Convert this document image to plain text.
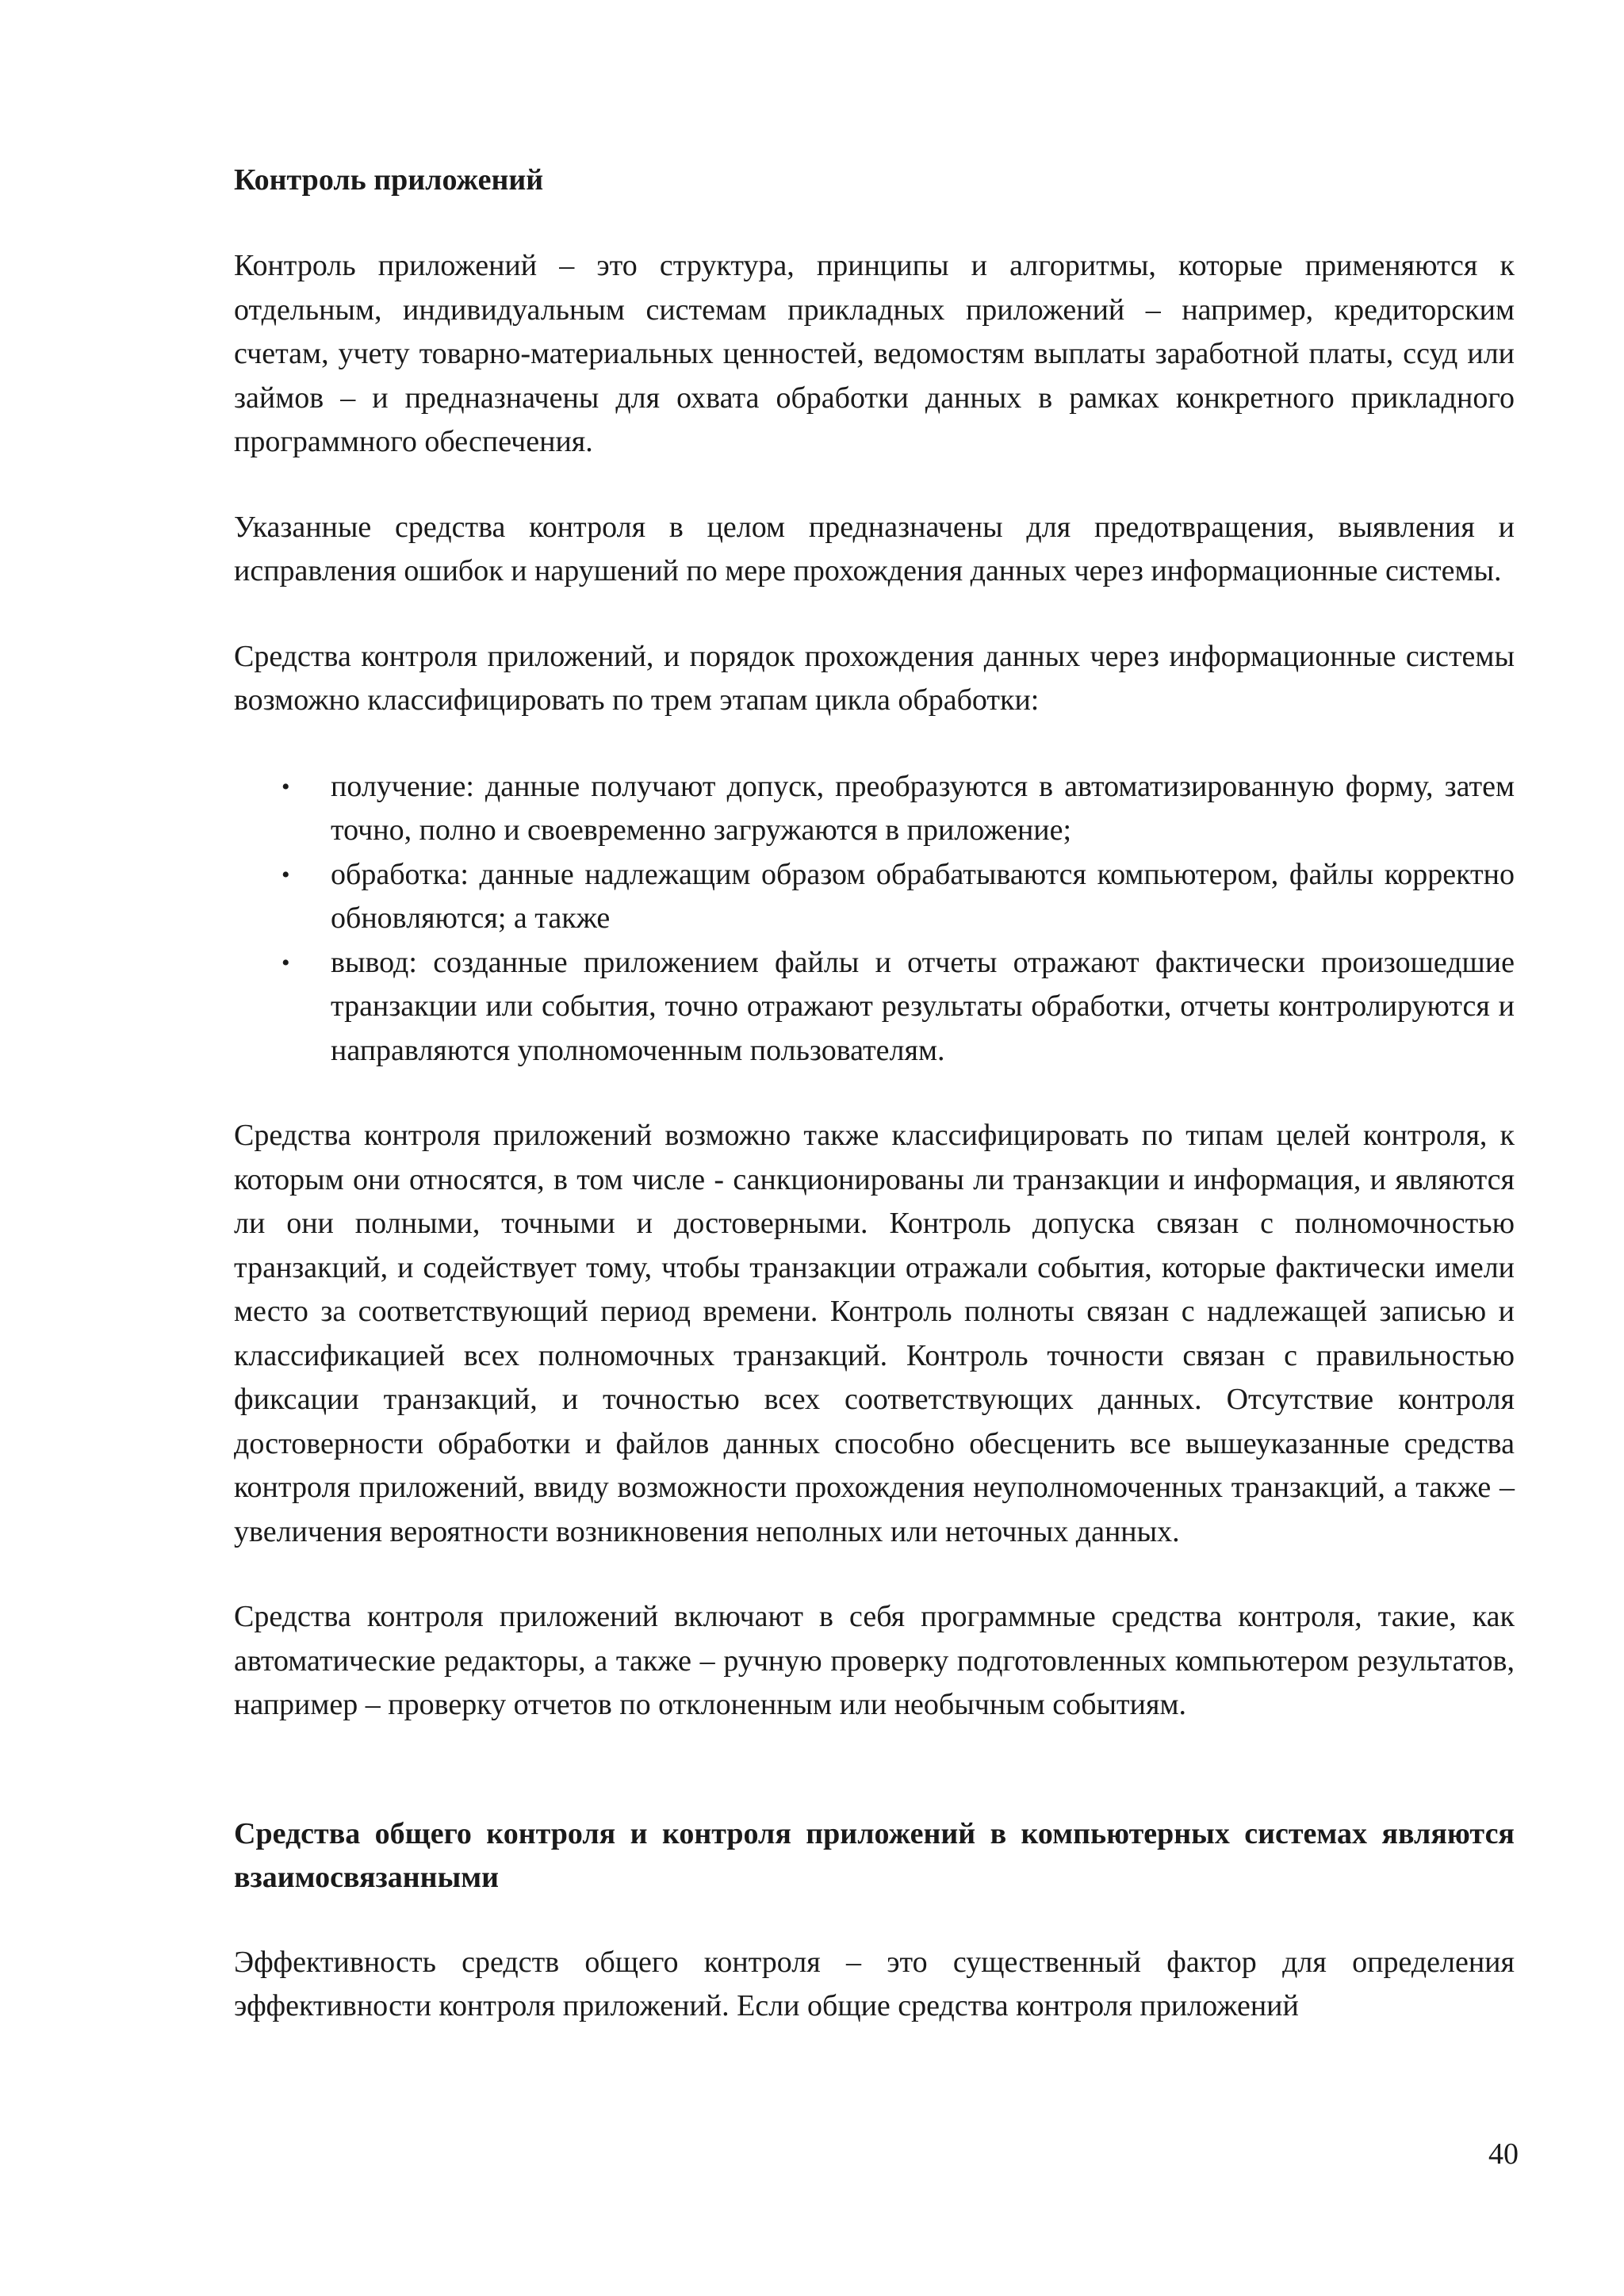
Контроль приложений

Контроль приложений – это структура, принципы и алгоритмы, которые применяются к отдельным, индивидуальным системам прикладных приложений – например, кредиторским счетам, учету товарно-материальных ценностей, ведомостям выплаты заработной платы, ссуд или займов – и предназначены для охвата обработки данных в рамках конкретного прикладного программного обеспечения.

Указанные средства контроля в целом предназначены для предотвращения, выявления и исправления ошибок и нарушений по мере прохождения данных через информационные системы.

Средства контроля приложений, и порядок прохождения данных через информационные системы возможно классифицировать по трем этапам цикла обработки:

• получение: данные получают допуск, преобразуются в автоматизированную форму, затем точно, полно и своевременно загружаются в приложение;
• обработка: данные надлежащим образом обрабатываются компьютером, файлы корректно обновляются; а также
• вывод: созданные приложением файлы и отчеты отражают фактически произошедшие транзакции или события, точно отражают результаты обработки, отчеты контролируются и направляются уполномоченным пользователям.

Средства контроля приложений возможно также классифицировать по типам целей контроля, к которым они относятся, в том числе - санкционированы ли транзакции и информация, и являются ли они полными, точными и достоверными. Контроль допуска связан с полномочностью транзакций, и содействует тому, чтобы транзакции отражали события, которые фактически имели место за соответствующий период времени. Контроль полноты связан с надлежащей записью и классификацией всех полномочных транзакций. Контроль точности связан с правильностью фиксации транзакций, и точностью всех соответствующих данных. Отсутствие контроля достоверности обработки и файлов данных способно обесценить все вышеуказанные средства контроля приложений, ввиду возможности прохождения неуполномоченных транзакций, а также – увеличения вероятности возникновения неполных или неточных данных.

Средства контроля приложений включают в себя программные средства контроля, такие, как автоматические редакторы, а также – ручную проверку подготовленных компьютером результатов, например – проверку отчетов по отклоненным или необычным событиям.

Средства общего контроля и контроля приложений в компьютерных системах являются взаимосвязанными

Эффективность средств общего контроля – это существенный фактор для определения эффективности контроля приложений. Если общие средства контроля приложений

40
